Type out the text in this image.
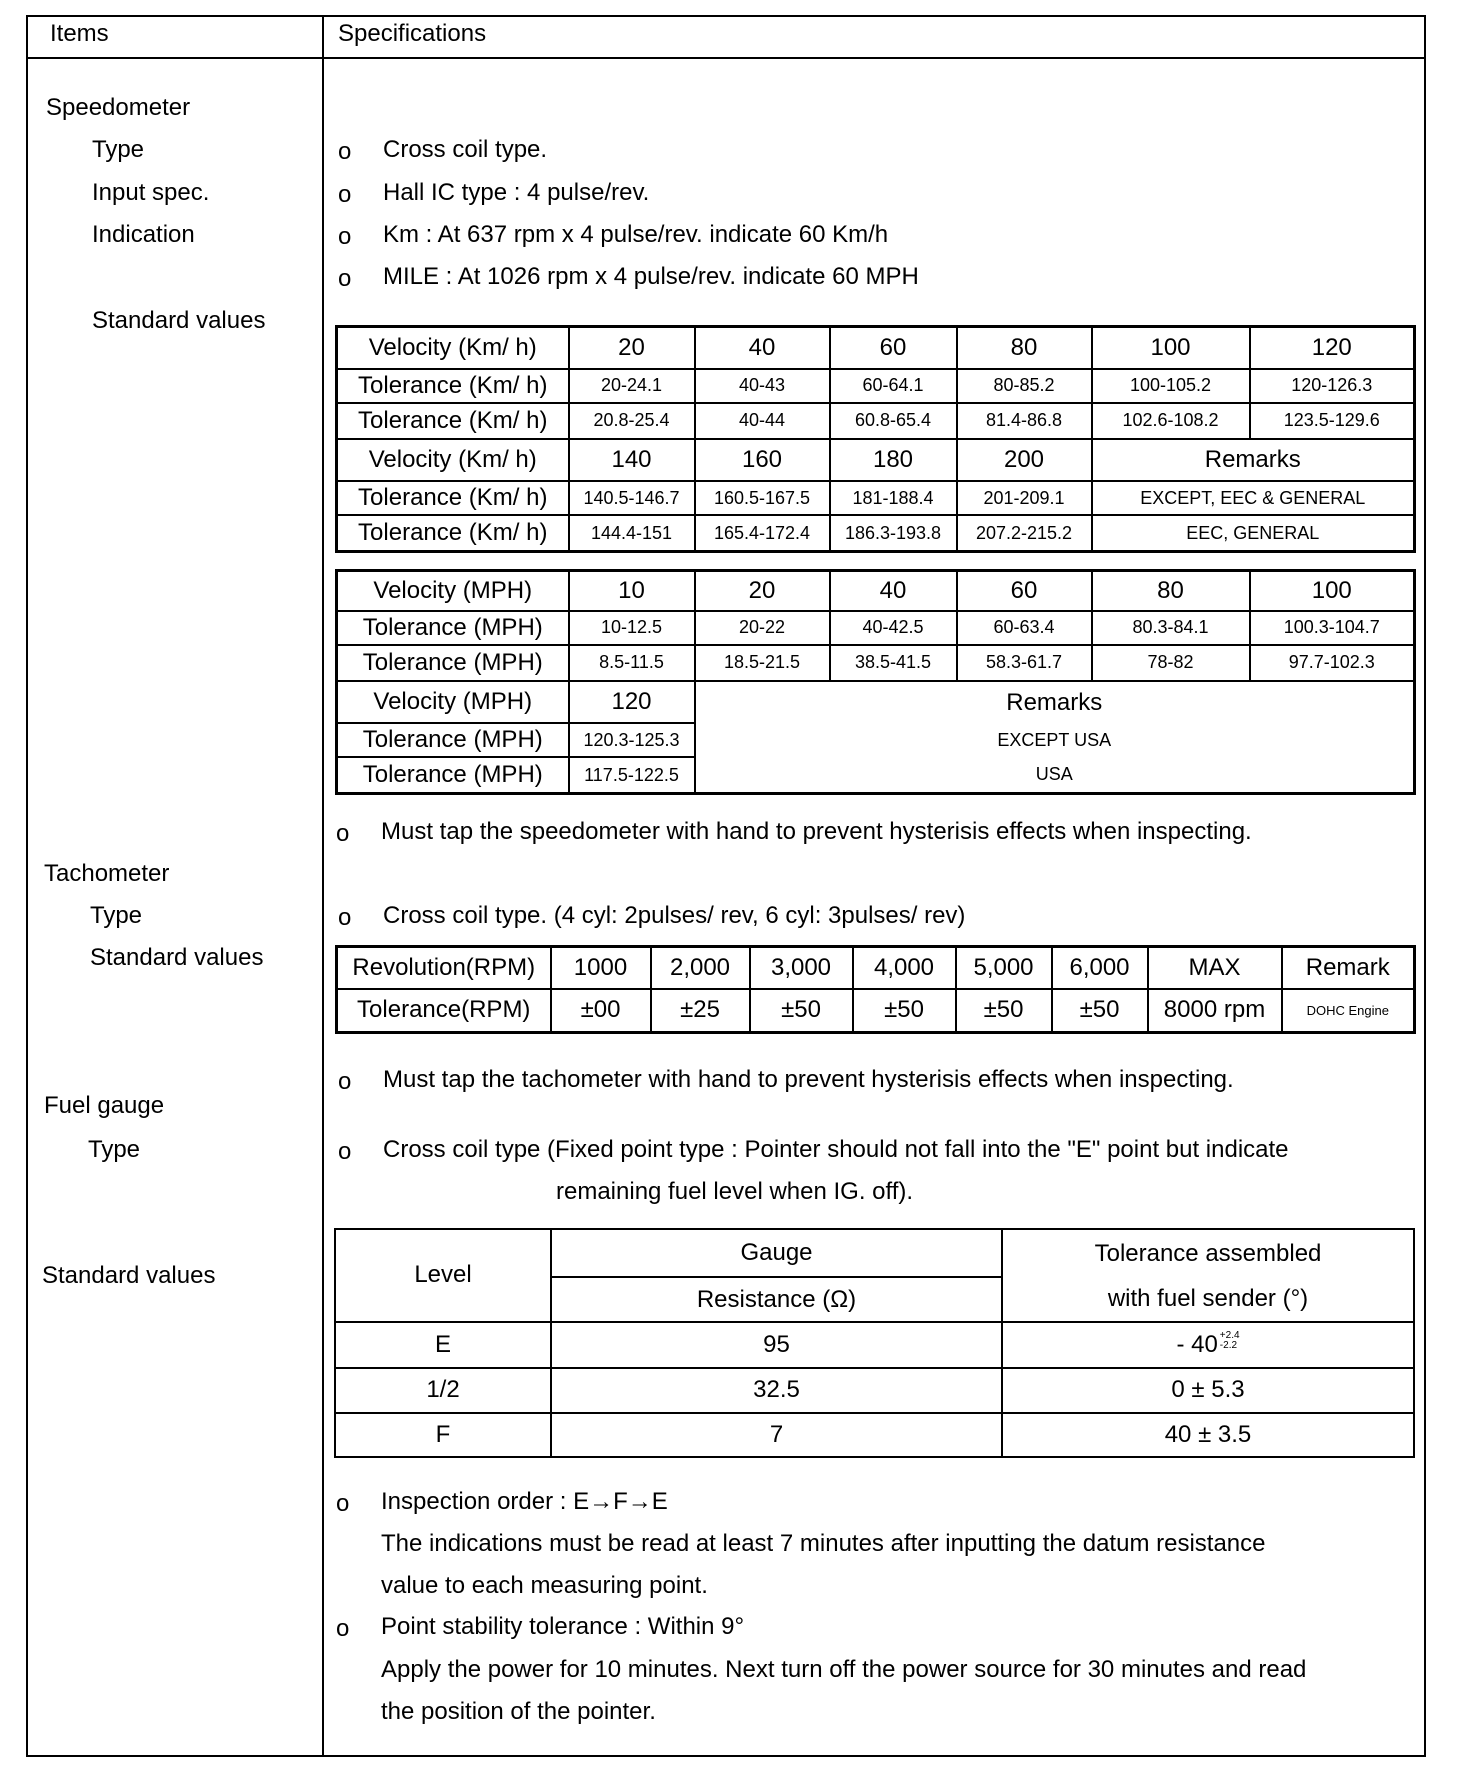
Items	Specifications
Speedometer
Type
Input spec.
Indication
Standard values
o Cross coil type.
o Hall IC type : 4 pulse/rev.
o Km : At 637 rpm x 4 pulse/rev. indicate 60 Km/h
o MILE : At 1026 rpm x 4 pulse/rev. indicate 60 MPH
Velocity (Km/ h)	20	40	60	80	100	120
Tolerance (Km/ h)	20-24.1	40-43	60-64.1	80-85.2	100-105.2	120-126.3
Tolerance (Km/ h)	20.8-25.4	40-44	60.8-65.4	81.4-86.8	102.6-108.2	123.5-129.6
Velocity (Km/ h)	140	160	180	200	Remarks	
Tolerance (Km/ h)	140.5-146.7	160.5-167.5	181-188.4	201-209.1	EXCEPT, EEC & GENERAL	
Tolerance (Km/ h)	144.4-151	165.4-172.4	186.3-193.8	207.2-215.2	EEC, GENERAL	
Velocity (MPH)	10	20	40	60	80	100
Tolerance (MPH)	10-12.5	20-22	40-42.5	60-63.4	80.3-84.1	100.3-104.7
Tolerance (MPH)	8.5-11.5	18.5-21.5	38.5-41.5	58.3-61.7	78-82	97.7-102.3
Velocity (MPH)	120	Remarks				
Tolerance (MPH)	120.3-125.3	EXCEPT USA				
Tolerance (MPH)	117.5-122.5	USA				
o Must tap the speedometer with hand to prevent hysterisis effects when inspecting.
Tachometer
Type
Standard values
o Cross coil type. (4 cyl: 2pulses/ rev, 6 cyl: 3pulses/ rev)
Revolution(RPM)	1000	2,000	3,000	4,000	5,000	6,000	MAX	Remark
Tolerance(RPM)	±00	±25	±50	±50	±50	±50	8000 rpm	DOHC Engine
o Must tap the tachometer with hand to prevent hysterisis effects when inspecting.
Fuel gauge
Type	o Cross coil type (Fixed point type : Pointer should not fall into the "E" point but indicate
remaining fuel level when IG. off).
Standard values	Level	Gauge	Tolerance assembled
	Resistance (Ω)	with fuel sender (°)
E	95	- 40 $^{+2.4 -2.2}$
1/2	32.5	0 ± 5.3
F	7	40 ± 3.5
o Inspection order : E→F→E
The indications must be read at least 7 minutes after inputting the datum resistance
value to each measuring point.
o Point stability tolerance : Within 9°
Apply the power for 10 minutes. Next turn off the power source for 30 minutes and read
the position of the pointer.
